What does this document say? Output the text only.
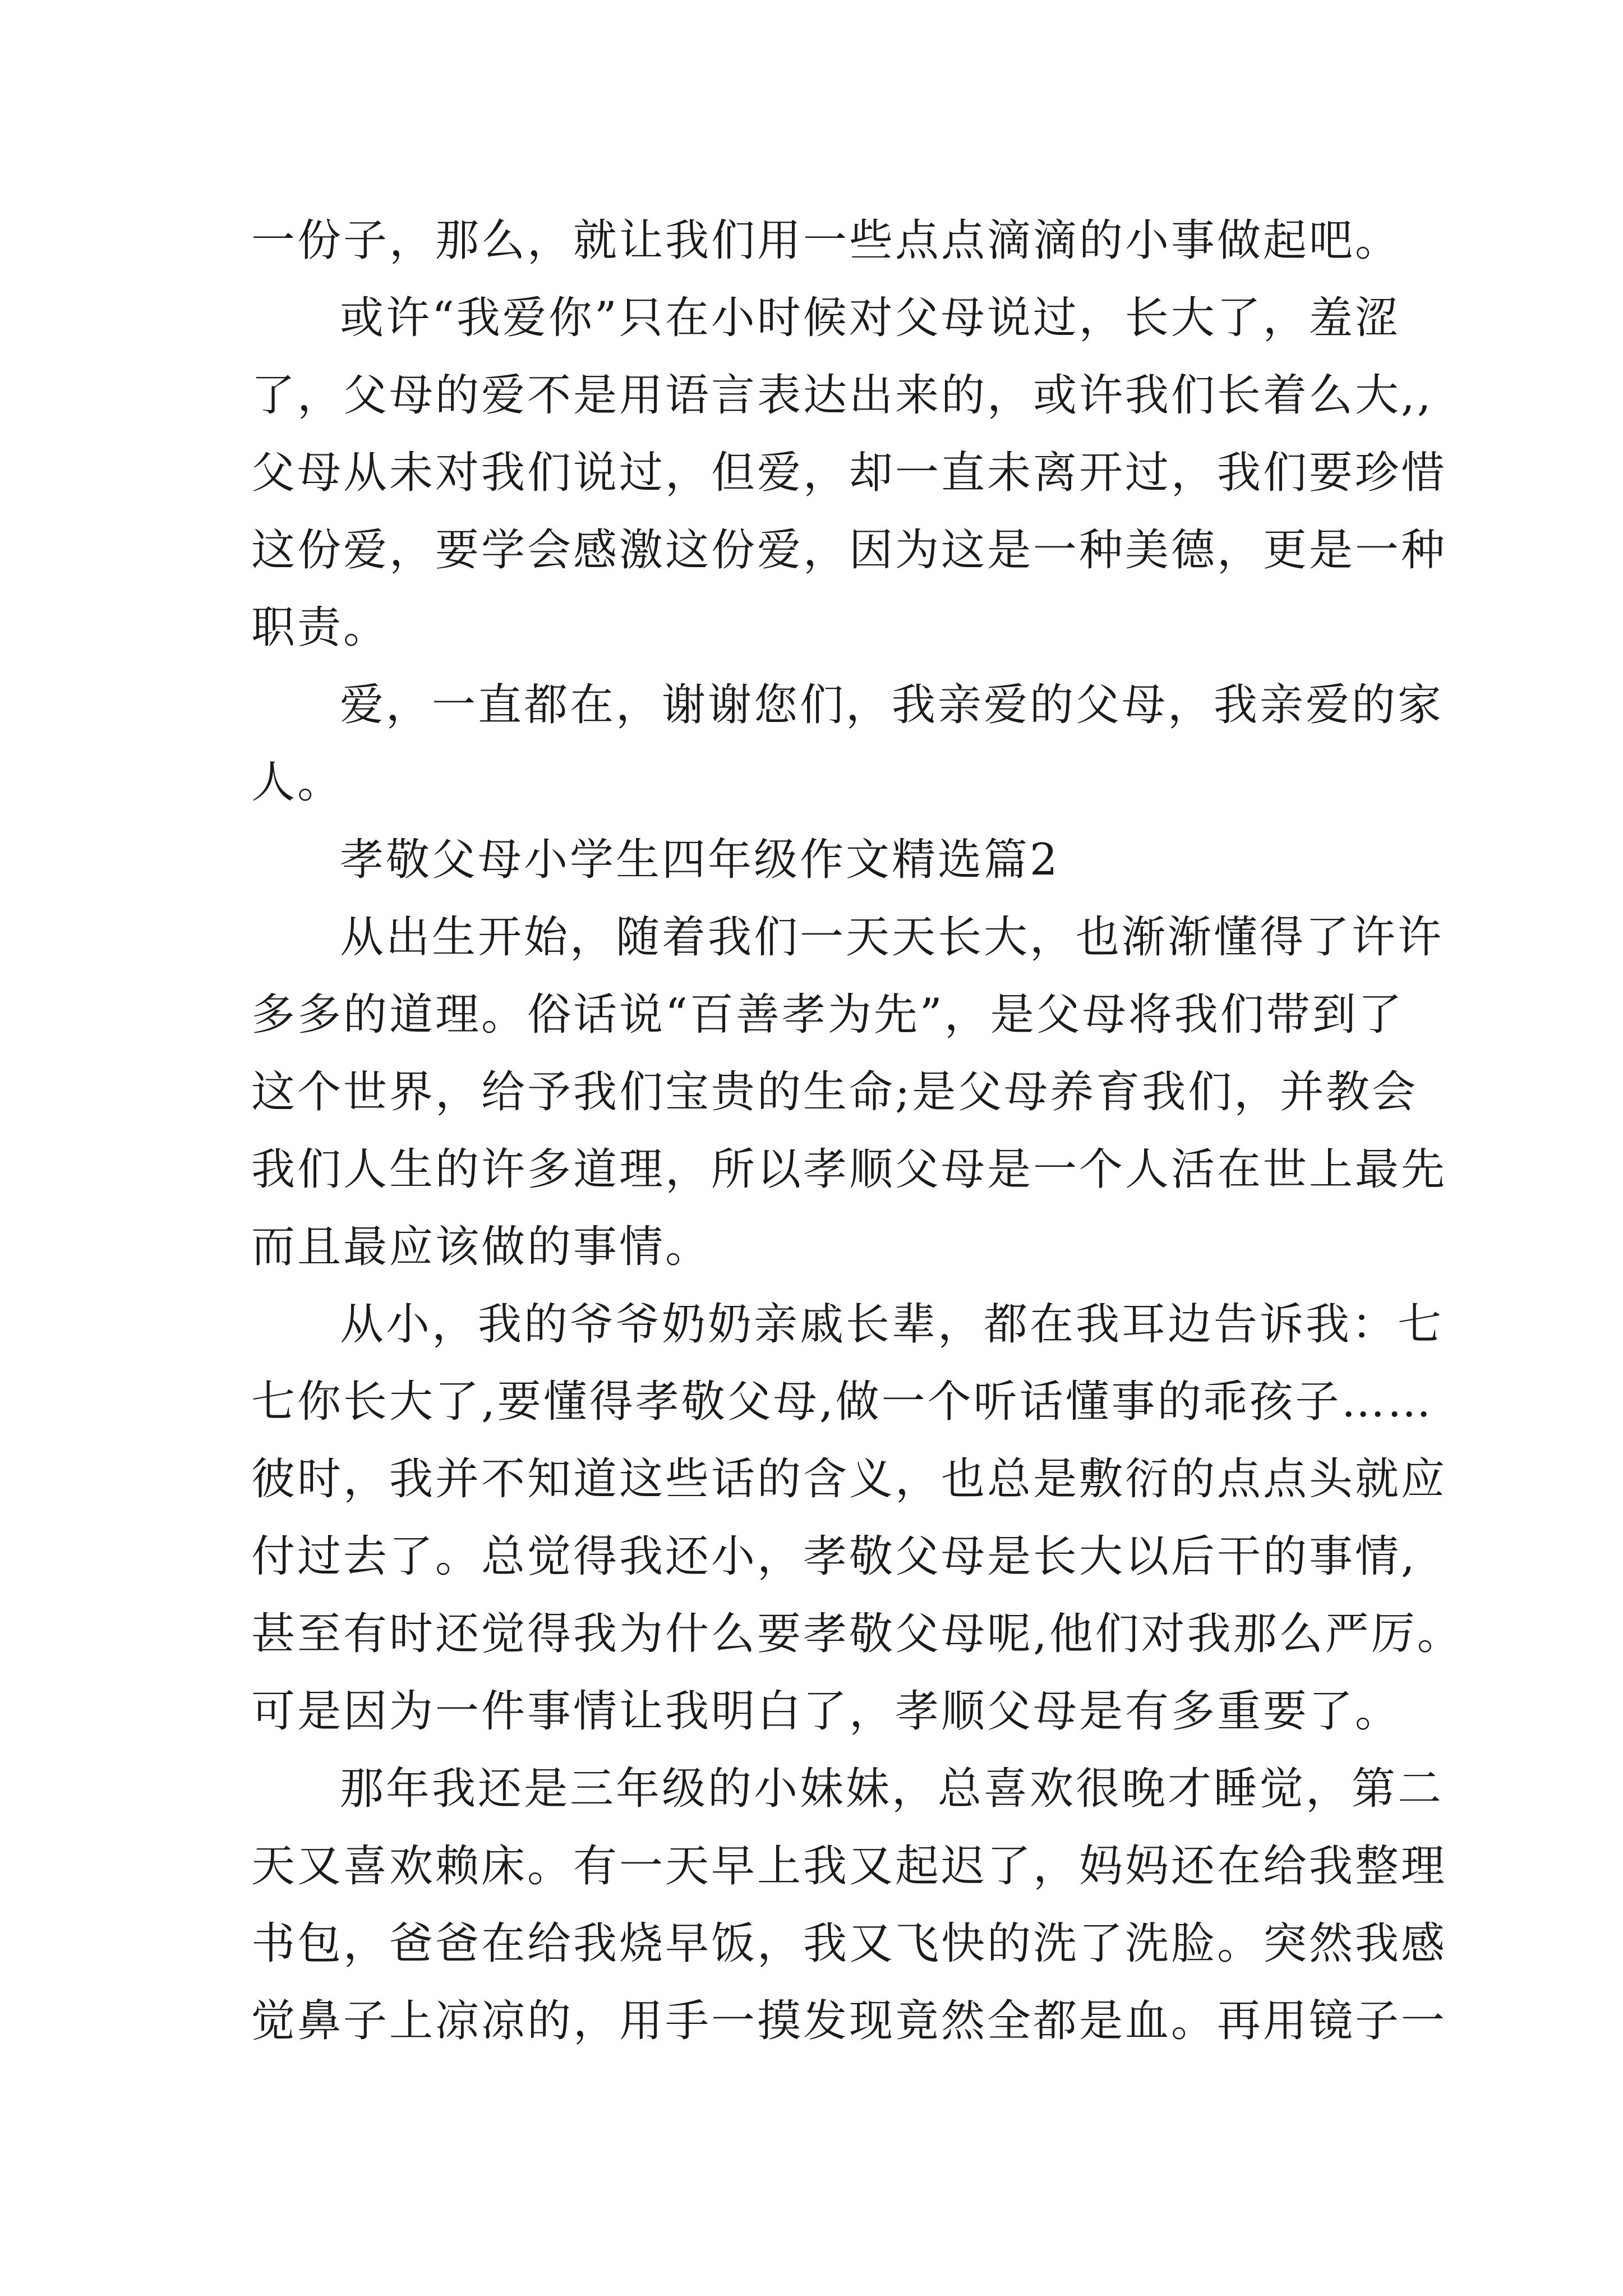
一份子，那么，就让我们用一些点点滴滴的小事做起吧。
或许“我爱你”只在小时候对父母说过，长大了，羞涩
了，父母的爱不是用语言表达出来的，或许我们长着么大,,
父母从未对我们说过，但爱，却一直未离开过，我们要珍惜
这份爱，要学会感激这份爱，因为这是一种美德，更是一种
职责。
爱，一直都在，谢谢您们，我亲爱的父母，我亲爱的家
人。
孝敬父母小学生四年级作文精选篇2
从出生开始，随着我们一天天长大，也渐渐懂得了许许
多多的道理。俗话说“百善孝为先”，是父母将我们带到了
这个世界，给予我们宝贵的生命;是父母养育我们，并教会
我们人生的许多道理，所以孝顺父母是一个人活在世上最先
而且最应该做的事情。
从小，我的爷爷奶奶亲戚长辈，都在我耳边告诉我：七
七你长大了,要懂得孝敬父母,做一个听话懂事的乖孩子……
彼时，我并不知道这些话的含义，也总是敷衍的点点头就应
付过去了。总觉得我还小，孝敬父母是长大以后干的事情,
甚至有时还觉得我为什么要孝敬父母呢,他们对我那么严厉。
可是因为一件事情让我明白了，孝顺父母是有多重要了。
那年我还是三年级的小妹妹，总喜欢很晚才睡觉，第二
天又喜欢赖床。有一天早上我又起迟了，妈妈还在给我整理
书包，爸爸在给我烧早饭，我又飞快的洗了洗脸。突然我感
觉鼻子上凉凉的，用手一摸发现竟然全都是血。再用镜子一
